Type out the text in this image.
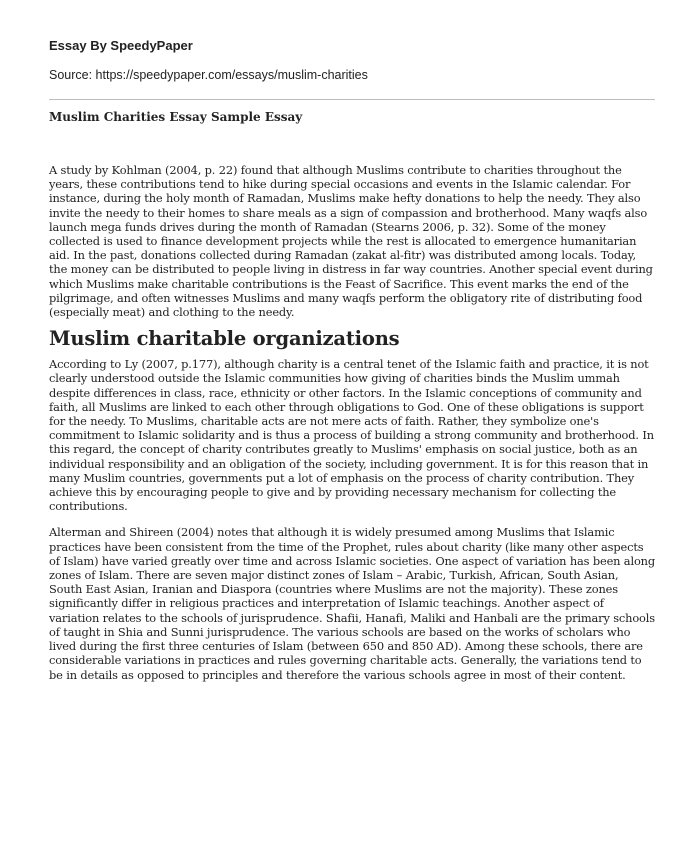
Essay By SpeedyPaper

Source: https://speedypaper.com/essays/muslim-charities

Muslim Charities Essay Sample Essay

A study by Kohlman (2004, p. 22) found that although Muslims contribute to charities throughout the years, these contributions tend to hike during special occasions and events in the Islamic calendar. For instance, during the holy month of Ramadan, Muslims make hefty donations to help the needy. They also invite the needy to their homes to share meals as a sign of compassion and brotherhood. Many waqfs also launch mega funds drives during the month of Ramadan (Stearns 2006, p. 32). Some of the money collected is used to finance development projects while the rest is allocated to emergence humanitarian aid. In the past, donations collected during Ramadan (zakat al-fitr) was distributed among locals. Today, the money can be distributed to people living in distress in far way countries. Another special event during which Muslims make charitable contributions is the Feast of Sacrifice. This event marks the end of the pilgrimage, and often witnesses Muslims and many waqfs perform the obligatory rite of distributing food (especially meat) and clothing to the needy.

Muslim charitable organizations

According to Ly (2007, p.177), although charity is a central tenet of the Islamic faith and practice, it is not clearly understood outside the Islamic communities how giving of charities binds the Muslim ummah despite differences in class, race, ethnicity or other factors. In the Islamic conceptions of community and faith, all Muslims are linked to each other through obligations to God. One of these obligations is support for the needy. To Muslims, charitable acts are not mere acts of faith. Rather, they symbolize one's commitment to Islamic solidarity and is thus a process of building a strong community and brotherhood. In this regard, the concept of charity contributes greatly to Muslims' emphasis on social justice, both as an individual responsibility and an obligation of the society, including government. It is for this reason that in many Muslim countries, governments put a lot of emphasis on the process of charity contribution. They achieve this by encouraging people to give and by providing necessary mechanism for collecting the contributions.

Alterman and Shireen (2004) notes that although it is widely presumed among Muslims that Islamic practices have been consistent from the time of the Prophet, rules about charity (like many other aspects of Islam) have varied greatly over time and across Islamic societies. One aspect of variation has been along zones of Islam. There are seven major distinct zones of Islam – Arabic, Turkish, African, South Asian, South East Asian, Iranian and Diaspora (countries where Muslims are not the majority). These zones significantly differ in religious practices and interpretation of Islamic teachings. Another aspect of variation relates to the schools of jurisprudence. Shafii, Hanafi, Maliki and Hanbali are the primary schools of taught in Shia and Sunni jurisprudence. The various schools are based on the works of scholars who lived during the first three centuries of Islam (between 650 and 850 AD). Among these schools, there are considerable variations in practices and rules governing charitable acts. Generally, the variations tend to be in details as opposed to principles and therefore the various schools agree in most of their content.
